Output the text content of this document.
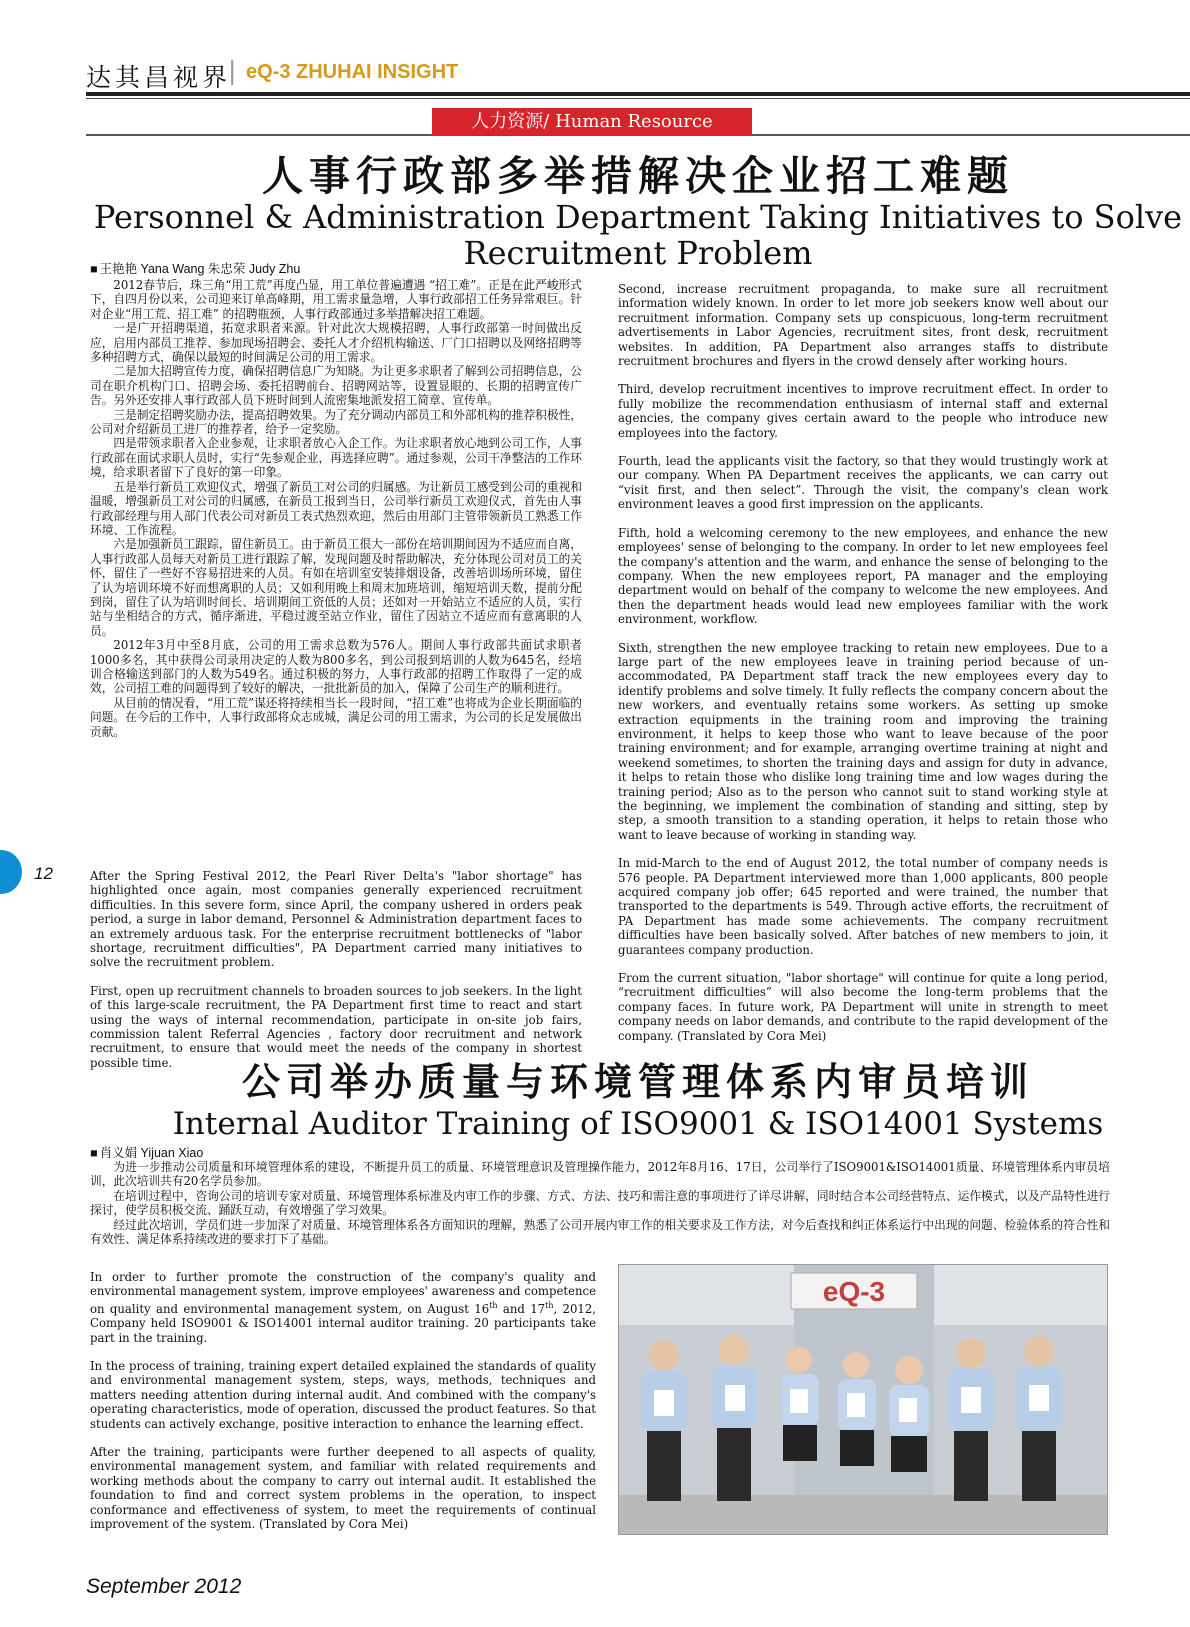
达其昌视界
| eQ-3 ZHUHAI INSIGHT
人力资源/ Human Resource
人事行政部多举措解决企业招工难题
Personnel & Administration Department Taking Initiatives to Solve Recruitment Problem
■ 王艳艳 Yana Wang 朱忠荣 Judy Zhu

2012春节后，珠三角“用工荒”再度凸显，用工单位普遍遭遇 “招工难”。正是在此严峻形式下，自四月份以来，公司迎来订单高峰期，用工需求量急增，人事行政部招工任务异常艰巨。针对企业“用工荒、招工难” 的招聘瓶颈，人事行政部通过多举措解决招工难题。

一是广开招聘渠道，拓宽求职者来源。针对此次大规模招聘，人事行政部第一时间做出反应，启用内部员工推荐、参加现场招聘会、委托人才介绍机构输送、厂门口招聘以及网络招聘等多种招聘方式，确保以最短的时间满足公司的用工需求。

二是加大招聘宣传力度，确保招聘信息广为知晓。为让更多求职者了解到公司招聘信息，公司在职介机构门口、招聘会场、委托招聘前台、招聘网站等，设置显眼的、长期的招聘宣传广告。另外还安排人事行政部人员下班时间到人流密集地派发招工简章、宣传单。

三是制定招聘奖励办法，提高招聘效果。为了充分调动内部员工和外部机构的推荐积极性，公司对介绍新员工进厂的推荐者，给予一定奖励。

四是带领求职者入企业参观，让求职者放心入企工作。为让求职者放心地到公司工作，人事行政部在面试求职人员时，实行“先参观企业，再选择应聘”。通过参观，公司干净整洁的工作环境，给求职者留下了良好的第一印象。

五是举行新员工欢迎仪式，增强了新员工对公司的归属感。为让新员工感受到公司的重视和温暖，增强新员工对公司的归属感，在新员工报到当日，公司举行新员工欢迎仪式，首先由人事行政部经理与用人部门代表公司对新员工表式热烈欢迎，然后由用部门主管带领新员工熟悉工作环境、工作流程。

六是加强新员工跟踪，留住新员工。由于新员工很大一部份在培训期间因为不适应而自离，人事行政部人员每天对新员工进行跟踪了解，发现问题及时帮助解决，充分体现公司对员工的关怀，留住了一些好不容易招进来的人员。有如在培训室安装排烟设备，改善培训场所环境，留住了认为培训环境不好而想离职的人员；又如利用晚上和周末加班培训，缩短培训天数，提前分配到岗，留住了认为培训时间长、培训期间工资低的人员；还如对一开始站立不适应的人员，实行站与坐相结合的方式，循序渐进，平稳过渡至站立作业，留住了因站立不适应而有意离职的人员。

2012年3月中至8月底，公司的用工需求总数为576人。期间人事行政部共面试求职者1000多名，其中获得公司录用决定的人数为800多名，到公司报到培训的人数为645名，经培训合格输送到部门的人数为549名。通过积极的努力，人事行政部的招聘工作取得了一定的成效，公司招工难的问题得到了较好的解决，一批批新员的加入，保障了公司生产的顺利进行。

从目前的情况看，“用工荒”谋还将持续相当长一段时间，“招工难”也将成为企业长期面临的问题。在今后的工作中，人事行政部将众志成城，满足公司的用工需求，为公司的长足发展做出贡献。

After the Spring Festival 2012, the Pearl River Delta's "labor shortage" has highlighted once again, most companies generally experienced recruitment difficulties. In this severe form, since April, the company ushered in orders peak period, a surge in labor demand, Personnel & Administration department faces to an extremely arduous task. For the enterprise recruitment bottlenecks of "labor shortage, recruitment difficulties", PA Department carried many initiatives to solve the recruitment problem.

First, open up recruitment channels to broaden sources to job seekers. In the light of this large-scale recruitment, the PA Department first time to react and start using the ways of internal recommendation, participate in on-site job fairs, commission talent Referral Agencies , factory door recruitment and network recruitment, to ensure that would meet the needs of the company in shortest possible time.

Second, increase recruitment propaganda, to make sure all recruitment information widely known. In order to let more job seekers know well about our recruitment information. Company sets up conspicuous, long-term recruitment advertisements in Labor Agencies, recruitment sites, front desk, recruitment websites. In addition, PA Department also arranges staffs to distribute recruitment brochures and flyers in the crowd densely after working hours.

Third, develop recruitment incentives to improve recruitment effect. In order to fully mobilize the recommendation enthusiasm of internal staff and external agencies, the company gives certain award to the people who introduce new employees into the factory.

Fourth, lead the applicants visit the factory, so that they would trustingly work at our company. When PA Department receives the applicants, we can carry out “visit first, and then select”. Through the visit, the company's clean work environment leaves a good first impression on the applicants.

Fifth, hold a welcoming ceremony to the new employees, and enhance the new employees' sense of belonging to the company. In order to let new employees feel the company's attention and the warm, and enhance the sense of belonging to the company. When the new employees report, PA manager and the employing department would on behalf of the company to welcome the new employees. And then the department heads would lead new employees familiar with the work environment, workflow.

Sixth, strengthen the new employee tracking to retain new employees. Due to a large part of the new employees leave in training period because of un-accommodated, PA Department staff track the new employees every day to identify problems and solve timely. It fully reflects the company concern about the new workers, and eventually retains some workers. As setting up smoke extraction equipments in the training room and improving the training environment, it helps to keep those who want to leave because of the poor training environment; and for example, arranging overtime training at night and weekend sometimes, to shorten the training days and assign for duty in advance, it helps to retain those who dislike long training time and low wages during the training period; Also as to the person who cannot suit to stand working style at the beginning, we implement the combination of standing and sitting, step by step, a smooth transition to a standing operation, it helps to retain those who want to leave because of working in standing way.

In mid-March to the end of August 2012, the total number of company needs is 576 people. PA Department interviewed more than 1,000 applicants, 800 people acquired company job offer; 645 reported and were trained, the number that transported to the departments is 549. Through active efforts, the recruitment of PA Department has made some achievements. The company recruitment difficulties have been basically solved. After batches of new members to join, it guarantees company production.

From the current situation, "labor shortage" will continue for quite a long period, “recruitment difficulties” will also become the long-term problems that the company faces. In future work, PA Department will unite in strength to meet company needs on labor demands, and contribute to the rapid development of the company. (Translated by Cora Mei)

12
公司举办质量与环境管理体系内审员培训
Internal Auditor Training of ISO9001 & ISO14001 Systems
■ 肖义娟 Yijuan Xiao

为进一步推动公司质量和环境管理体系的建设，不断提升员工的质量、环境管理意识及管理操作能力，2012年8月16、17日，公司举行了ISO9001&ISO14001质量、环境管理体系内审员培训，此次培训共有20名学员参加。

在培训过程中，咨询公司的培训专家对质量、环境管理体系标准及内审工作的步骤、方式、方法、技巧和需注意的事项进行了详尽讲解，同时结合本公司经营特点、运作模式，以及产品特性进行探讨，使学员积极交流、踊跃互动，有效增强了学习效果。

经过此次培训，学员们进一步加深了对质量、环境管理体系各方面知识的理解，熟悉了公司开展内审工作的相关要求及工作方法，对今后查找和纠正体系运行中出现的问题、检验体系的符合性和有效性、满足体系持续改进的要求打下了基础。

In order to further promote the construction of the company's quality and environmental management system, improve employees' awareness and competence on quality and environmental management system, on August 16th and 17th, 2012, Company held ISO9001 & ISO14001 internal auditor training. 20 participants take part in the training.

In the process of training, training expert detailed explained the standards of quality and environmental management system, steps, ways, methods, techniques and matters needing attention during internal audit. And combined with the company's operating characteristics, mode of operation, discussed the product features. So that students can actively exchange, positive interaction to enhance the learning effect.

After the training, participants were further deepened to all aspects of quality, environmental management system, and familiar with related requirements and working methods about the company to carry out internal audit. It established the foundation to find and correct system problems in the operation, to inspect conformance and effectiveness of system, to meet the requirements of continual improvement of the system. (Translated by Cora Mei)

eQ-3
September 2012
